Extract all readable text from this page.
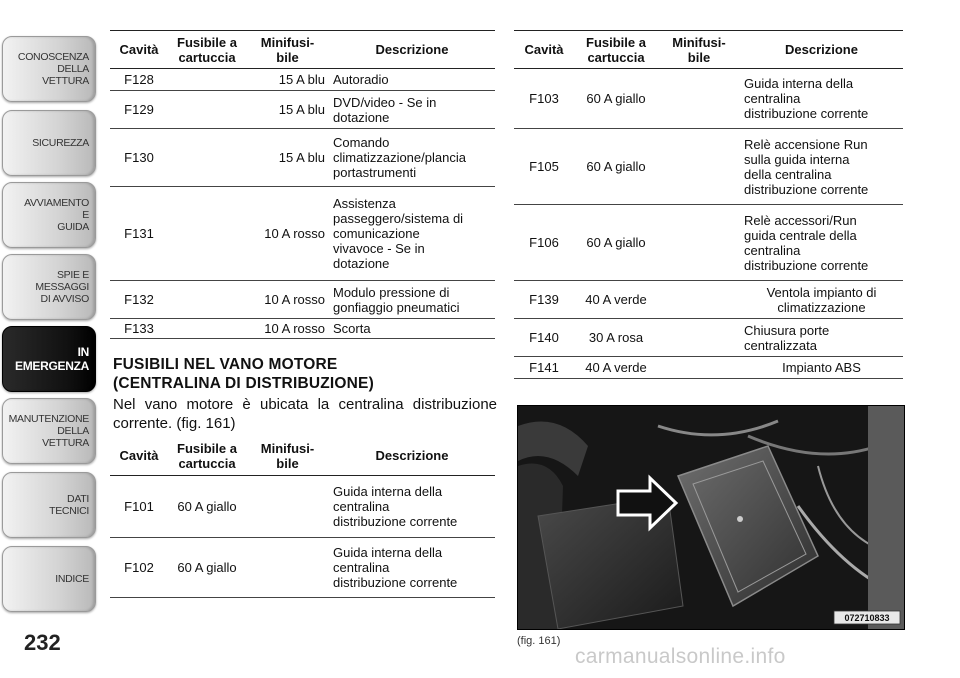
CONOSCENZA
DELLA
VETTURA
SICUREZZA
AVVIAMENTO
E
GUIDA
SPIE E
MESSAGGI
DI AVVISO
IN
EMERGENZA
MANUTENZIONE
DELLA
VETTURA
DATI
TECNICI
INDICE
232
Cavità	Fusibile a
cartuccia	Minifusi-
bile	Descrizione
F128		15 A blu	Autoradio
F129		15 A blu	DVD/video - Se in
dotazione
F130		15 A blu	Comando
climatizzazione/plancia
portastrumenti
F131		10 A rosso	Assistenza
passeggero/sistema di
comunicazione
vivavoce - Se in
dotazione
F132		10 A rosso	Modulo pressione di
gonfiaggio pneumatici
F133		10 A rosso	Scorta
FUSIBILI NEL VANO MOTORE
(CENTRALINA DI DISTRIBUZIONE)
Nel vano motore è ubicata la centralina distribuzione corrente. (fig. 161)
Cavità	Fusibile a
cartuccia	Minifusi-
bile	Descrizione
F101	60 A giallo		Guida interna della
centralina
distribuzione corrente
F102	60 A giallo		Guida interna della
centralina
distribuzione corrente
Cavità	Fusibile a
cartuccia	Minifusi-
bile	Descrizione
F103	60 A giallo		Guida interna della
centralina
distribuzione corrente
F105	60 A giallo		Relè accensione Run
sulla guida interna
della centralina
distribuzione corrente
F106	60 A giallo		Relè accessori/Run
guida centrale della
centralina
distribuzione corrente
F139	40 A verde		Ventola impianto di
climatizzazione
F140	30 A rosa		Chiusura porte
centralizzata
F141	40 A verde		Impianto ABS
072710833
(fig. 161)
carmanualsonline.info
